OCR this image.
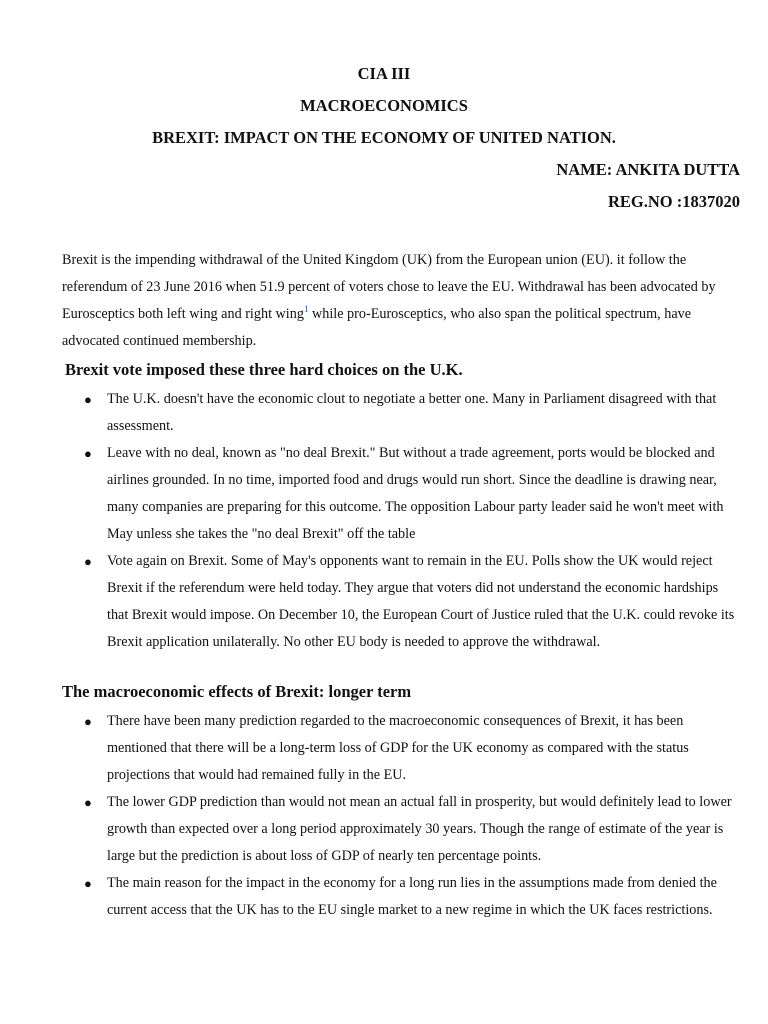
CIA III
MACROECONOMICS
BREXIT: IMPACT ON THE ECONOMY OF UNITED NATION.
NAME: ANKITA DUTTA
REG.NO :1837020

Brexit is the impending withdrawal of the United Kingdom (UK) from the European union (EU). it follow the referendum of 23 June 2016 when 51.9 percent of voters chose to leave the EU. Withdrawal has been advocated by Eurosceptics both left wing and right wing$^1$ while pro-Eurosceptics, who also span the political spectrum, have advocated continued membership.

Brexit vote imposed these three hard choices on the U.K.
● The U.K. doesn't have the economic clout to negotiate a better one. Many in Parliament disagreed with that assessment.
● Leave with no deal, known as "no deal Brexit." But without a trade agreement, ports would be blocked and airlines grounded. In no time, imported food and drugs would run short. Since the deadline is drawing near, many companies are preparing for this outcome. The opposition Labour party leader said he won't meet with May unless she takes the "no deal Brexit" off the table
● Vote again on Brexit. Some of May's opponents want to remain in the EU. Polls show the UK would reject Brexit if the referendum were held today. They argue that voters did not understand the economic hardships that Brexit would impose. On December 10, the European Court of Justice ruled that the U.K. could revoke its Brexit application unilaterally. No other EU body is needed to approve the withdrawal.
The macroeconomic effects of Brexit: longer term
● There have been many prediction regarded to the macroeconomic consequences of Brexit, it has been mentioned that there will be a long-term loss of GDP for the UK economy as compared with the status projections that would had remained fully in the EU.
● The lower GDP prediction than would not mean an actual fall in prosperity, but would definitely lead to lower growth than expected over a long period approximately 30 years. Though the range of estimate of the year is large but the prediction is about loss of GDP of nearly ten percentage points.
● The main reason for the impact in the economy for a long run lies in the assumptions made from denied the current access that the UK has to the EU single market to a new regime in which the UK faces restrictions.
